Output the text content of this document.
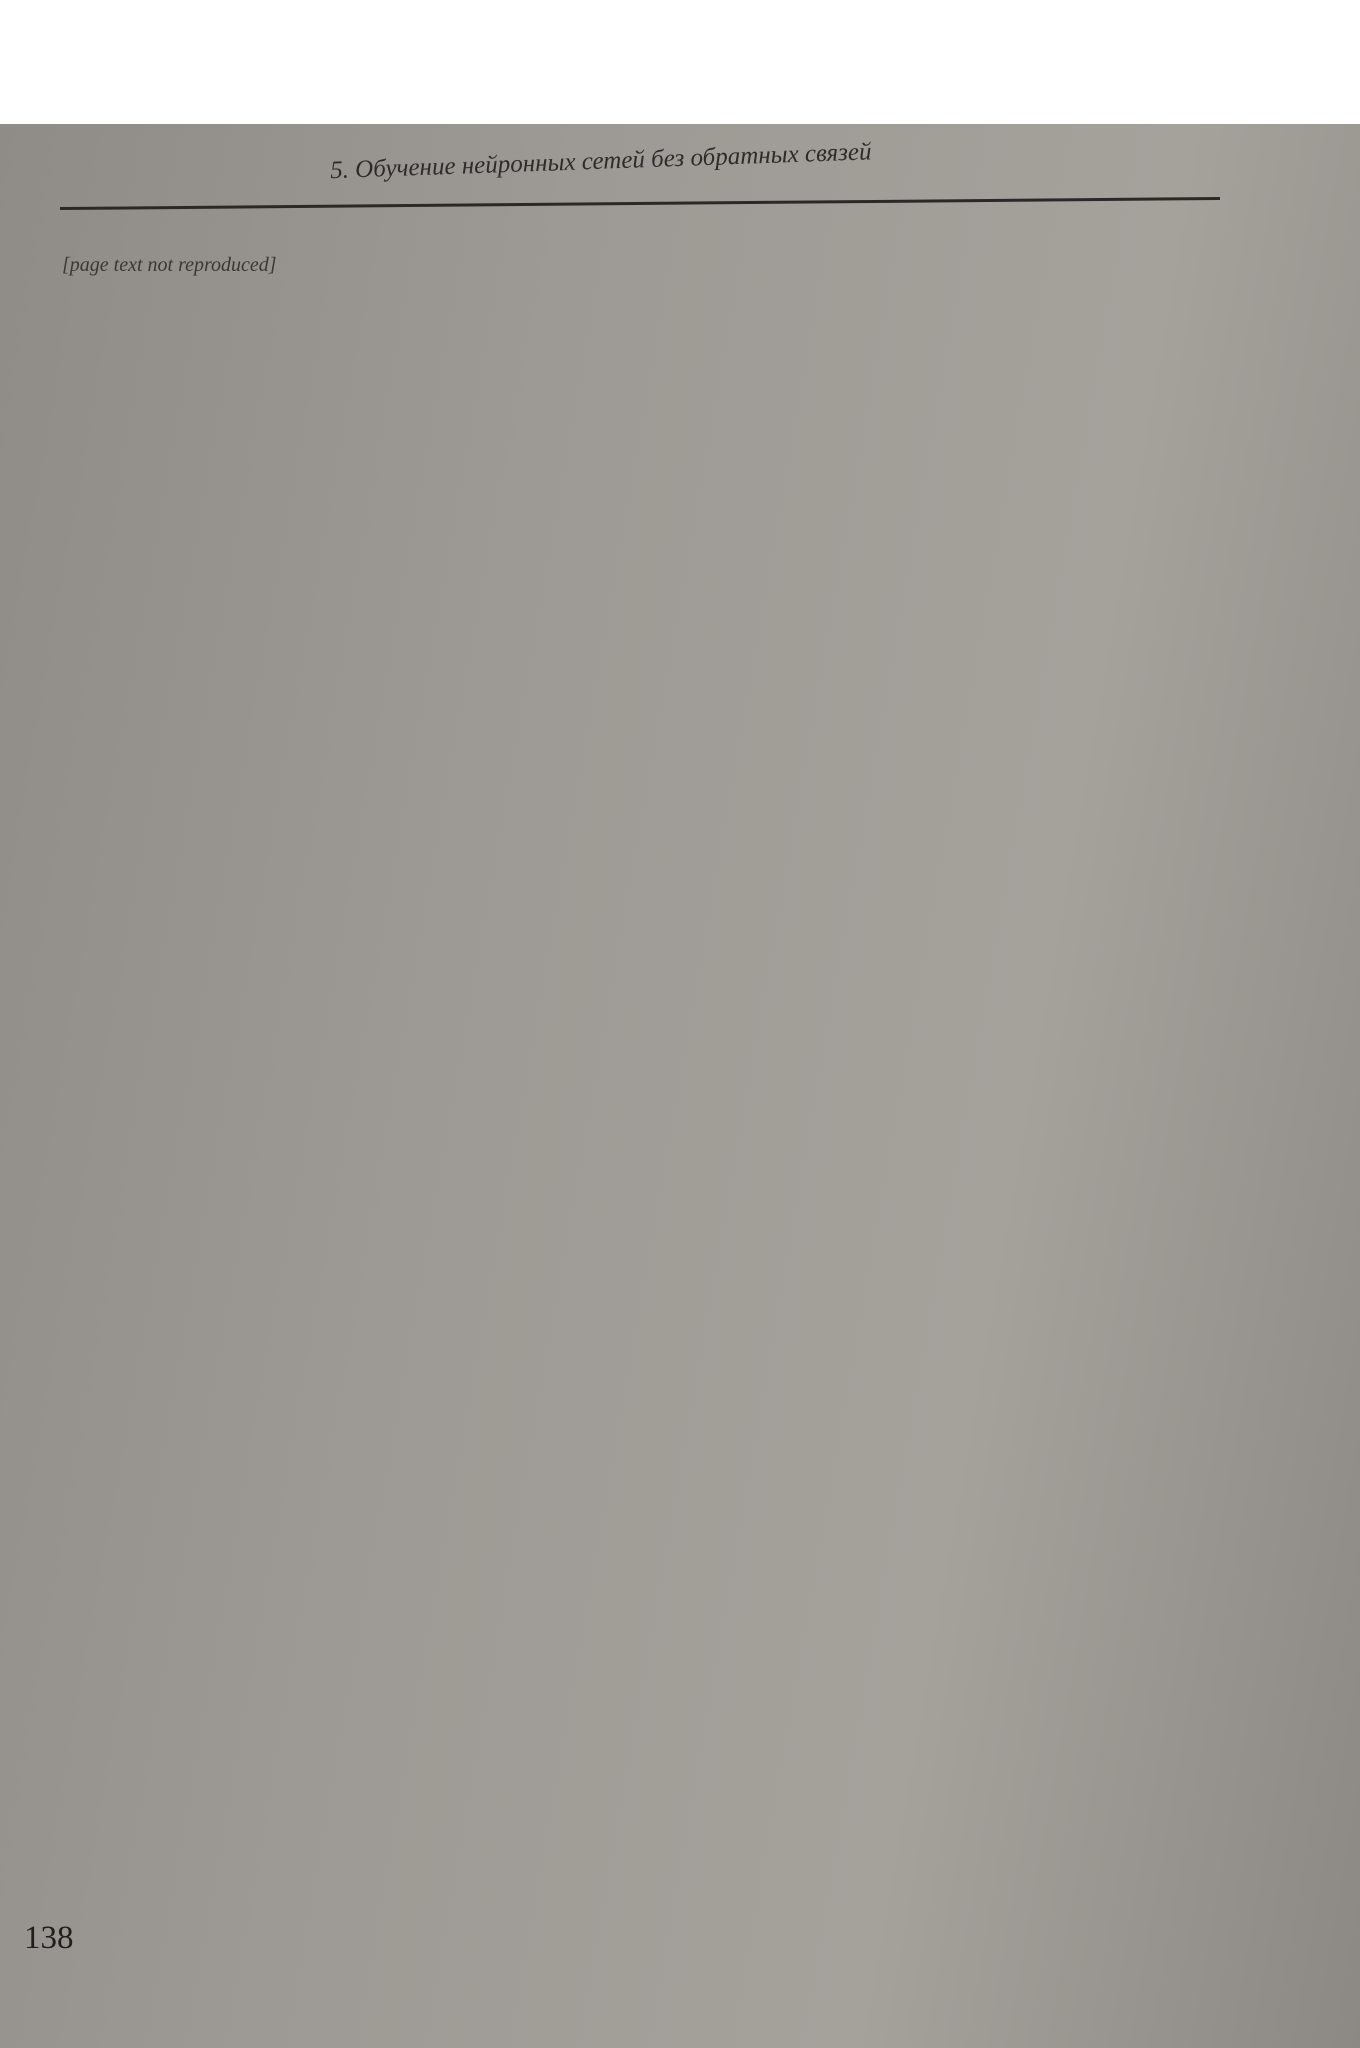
5. Обучение нейронных сетей без обратных связей
[page text not reproduced]
138
